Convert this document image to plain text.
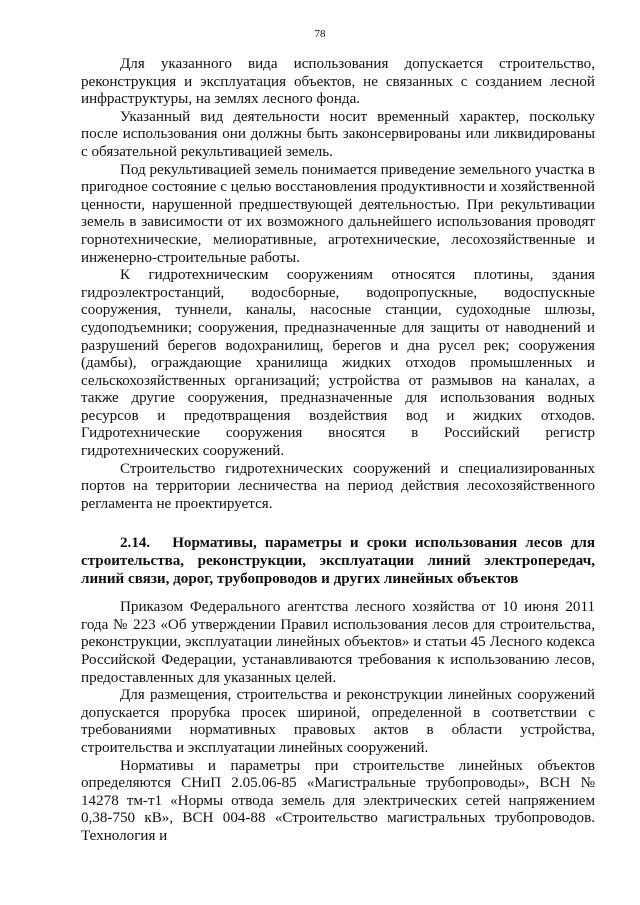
78

Для указанного вида использования допускается строительство, реконструкция и эксплуатация объектов, не связанных с созданием лесной инфраструктуры, на землях лесного фонда.

Указанный вид деятельности носит временный характер, поскольку после использования они должны быть законсервированы или ликвидированы с обязательной рекультивацией земель.

Под рекультивацией земель понимается приведение земельного участка в пригодное состояние с целью восстановления продуктивности и хозяйственной ценности, нарушенной предшествующей деятельностью. При рекультивации земель в зависимости от их возможного дальнейшего использования проводят горнотехнические, мелиоративные, агротехнические, лесохозяйственные и инженерно-строительные работы.

К гидротехническим сооружениям относятся плотины, здания гидроэлектростанций, водосборные, водопропускные, водоспускные сооружения, туннели, каналы, насосные станции, судоходные шлюзы, судоподъемники; сооружения, предназначенные для защиты от наводнений и разрушений берегов водохранилищ, берегов и дна русел рек; сооружения (дамбы), ограждающие хранилища жидких отходов промышленных и сельскохозяйственных организаций; устройства от размывов на каналах, а также другие сооружения, предназначенные для использования водных ресурсов и предотвращения воздействия вод и жидких отходов. Гидротехнические сооружения вносятся в Российский регистр гидротехнических сооружений.

Строительство гидротехнических сооружений и специализированных портов на территории лесничества на период действия лесохозяйственного регламента не проектируется.

2.14. Нормативы, параметры и сроки использования лесов для строительства, реконструкции, эксплуатации линий электропередач, линий связи, дорог, трубопроводов и других линейных объектов

Приказом Федерального агентства лесного хозяйства от 10 июня 2011 года № 223 «Об утверждении Правил использования лесов для строительства, реконструкции, эксплуатации линейных объектов» и статьи 45 Лесного кодекса Российской Федерации, устанавливаются требования к использованию лесов, предоставленных для указанных целей.

Для размещения, строительства и реконструкции линейных сооружений допускается прорубка просек шириной, определенной в соответствии с требованиями нормативных правовых актов в области устройства, строительства и эксплуатации линейных сооружений.

Нормативы и параметры при строительстве линейных объектов определяются СНиП 2.05.06-85 «Магистральные трубопроводы», ВСН № 14278 тм-т1 «Нормы отвода земель для электрических сетей напряжением 0,38-750 кВ», ВСН 004-88 «Строительство магистральных трубопроводов. Технология и
